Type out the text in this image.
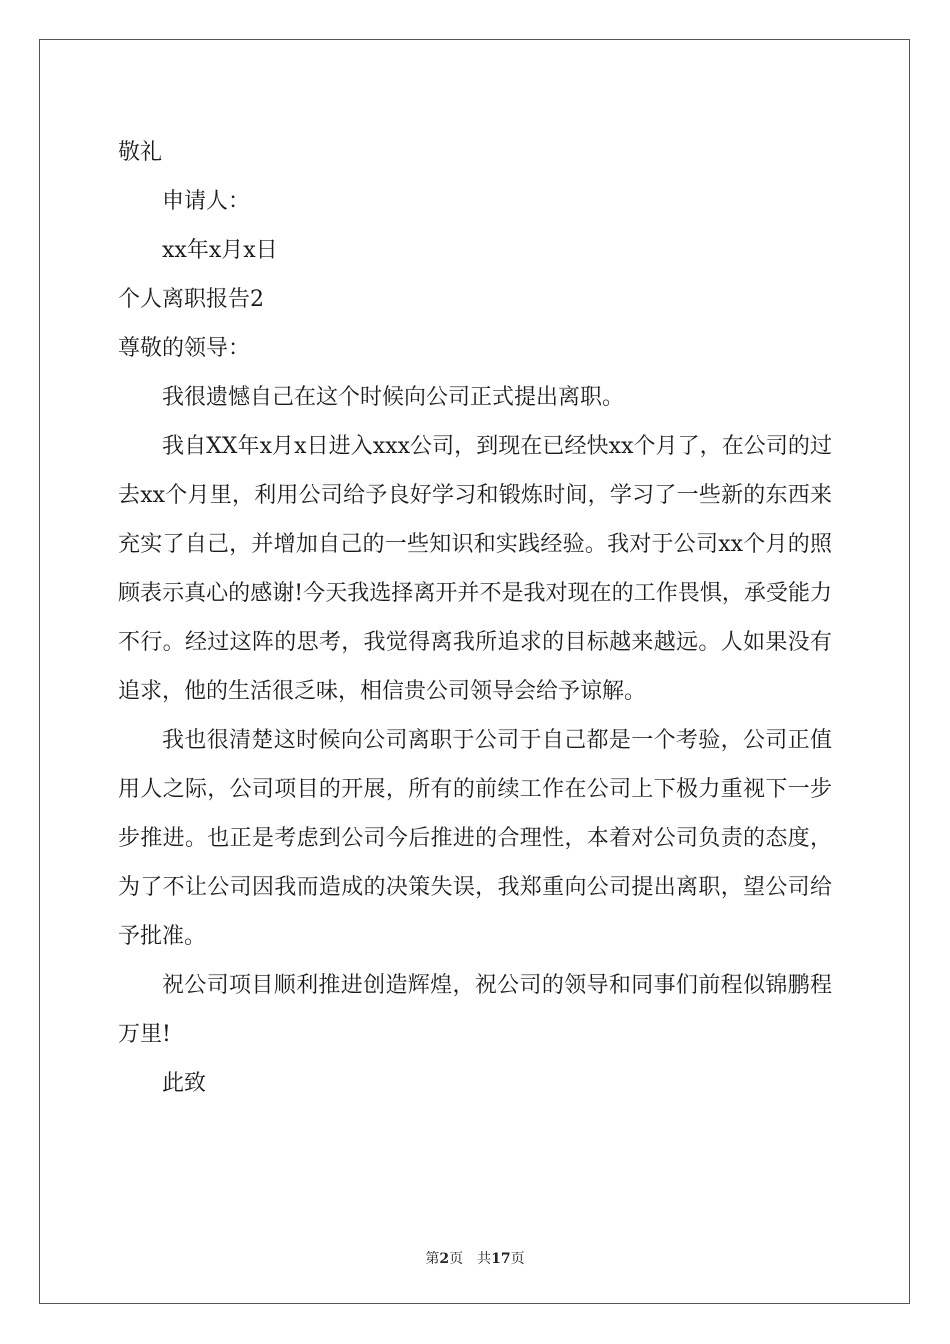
敬礼
申请人：
xx年x月x日
个人离职报告2
尊敬的领导：
我很遗憾自己在这个时候向公司正式提出离职。
我自XX年x月x日进入xxx公司，到现在已经快xx个月了，在公司的过去xx个月里，利用公司给予良好学习和锻炼时间，学习了一些新的东西来充实了自己，并增加自己的一些知识和实践经验。我对于公司xx个月的照顾表示真心的感谢!今天我选择离开并不是我对现在的工作畏惧，承受能力不行。经过这阵的思考，我觉得离我所追求的目标越来越远。人如果没有追求，他的生活很乏味，相信贵公司领导会给予谅解。
我也很清楚这时候向公司离职于公司于自己都是一个考验，公司正值用人之际，公司项目的开展，所有的前续工作在公司上下极力重视下一步步推进。也正是考虑到公司今后推进的合理性，本着对公司负责的态度，为了不让公司因我而造成的决策失误，我郑重向公司提出离职，望公司给予批准。
祝公司项目顺利推进创造辉煌，祝公司的领导和同事们前程似锦鹏程万里!
此致
第2页 共17页
